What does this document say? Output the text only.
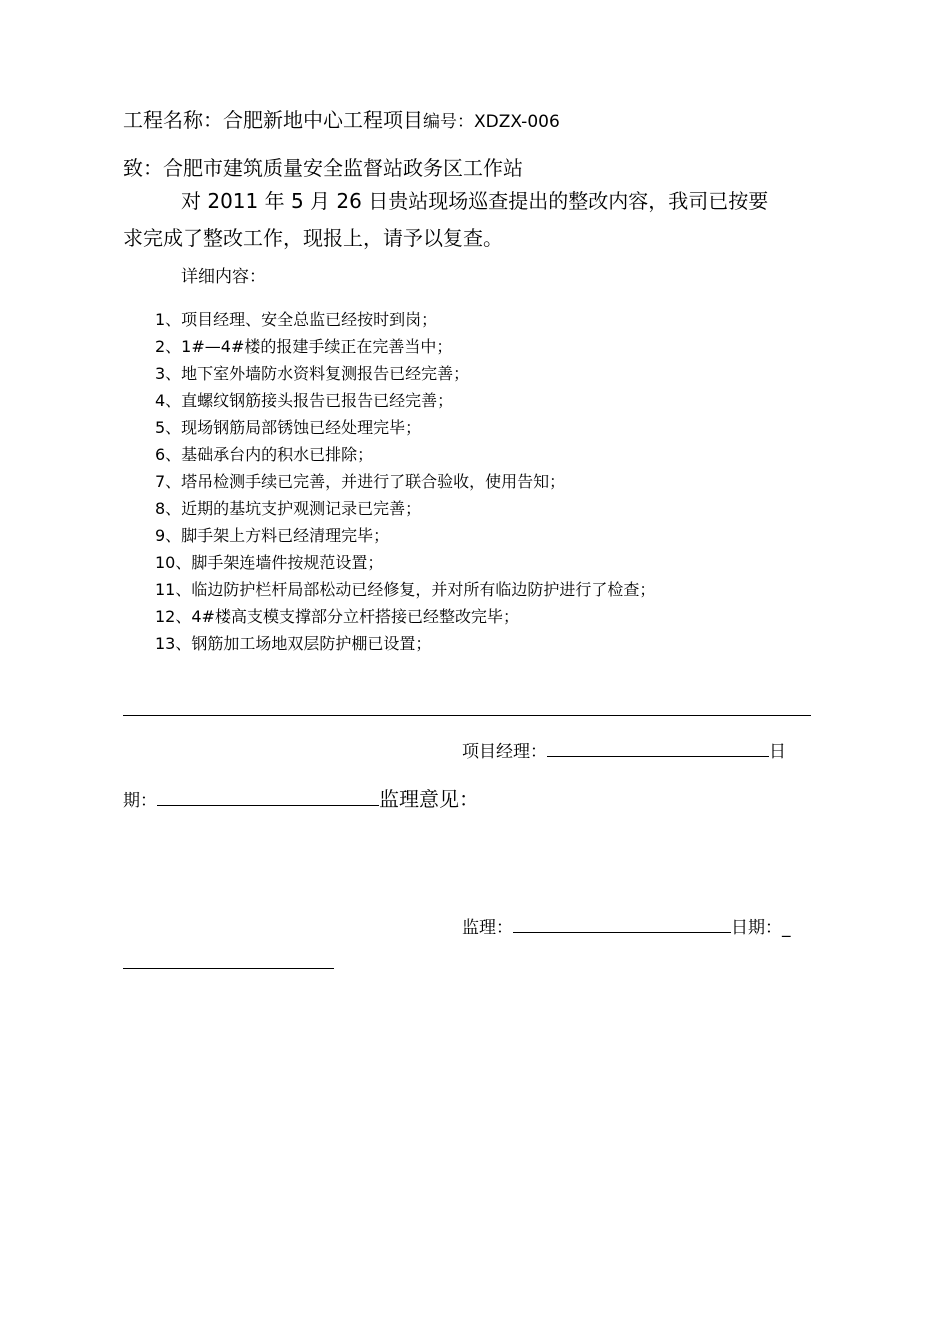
工程名称：合肥新地中心工程项目编号：XDZX-006
致：合肥市建筑质量安全监督站政务区工作站
对 2011 年 5 月 26 日贵站现场巡查提出的整改内容，我司已按要
求完成了整改工作，现报上，请予以复查。
详细内容：
1、项目经理、安全总监已经按时到岗；
2、1#—4#楼的报建手续正在完善当中；
3、地下室外墙防水资料复测报告已经完善；
4、直螺纹钢筋接头报告已报告已经完善；
5、现场钢筋局部锈蚀已经处理完毕；
6、基础承台内的积水已排除；
7、塔吊检测手续已完善，并进行了联合验收，使用告知；
8、近期的基坑支护观测记录已完善；
9、脚手架上方料已经清理完毕；
10、脚手架连墙件按规范设置；
11、临边防护栏杆局部松动已经修复，并对所有临边防护进行了检查；
12、4#楼高支模支撑部分立杆搭接已经整改完毕；
13、钢筋加工场地双层防护棚已设置；
项目经理：	日
期：	监理意见：
监理：	日期：_
